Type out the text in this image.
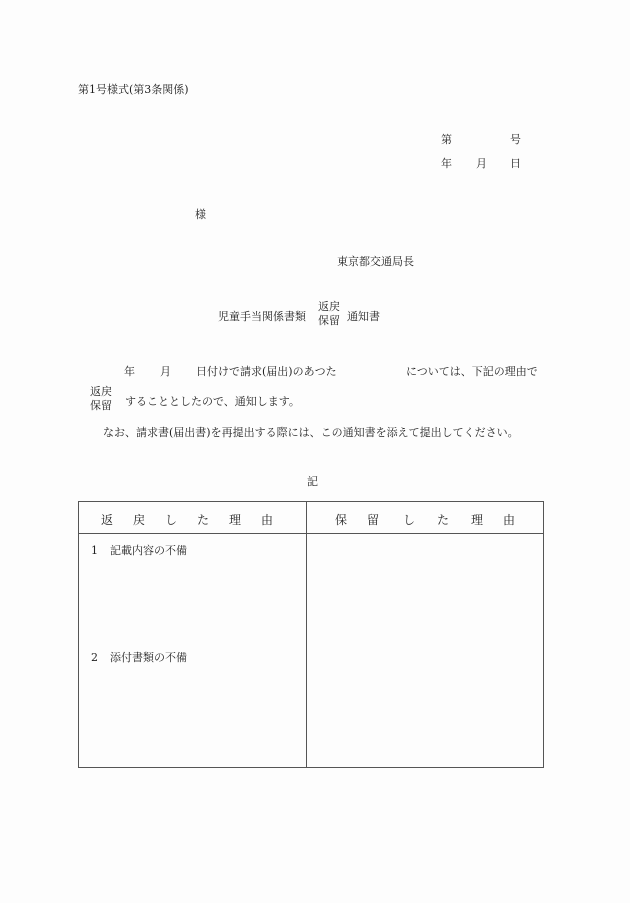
第1号様式(第3条関係)
第	号
年 月 日
様
東京都交通局長
児童手当関係書類
返戻
保留 通知書
年 月 日付けで請求(届出)のあつた	については、下記の理由で
返戻
保留 することとしたので、通知します。
なお、請求書(届出書)を再提出する際には、この通知書を添えて提出してください。
記
返 戻 し た 理 由	保 留 し た 理 由
1 記載内容の不備
2 添付書類の不備
